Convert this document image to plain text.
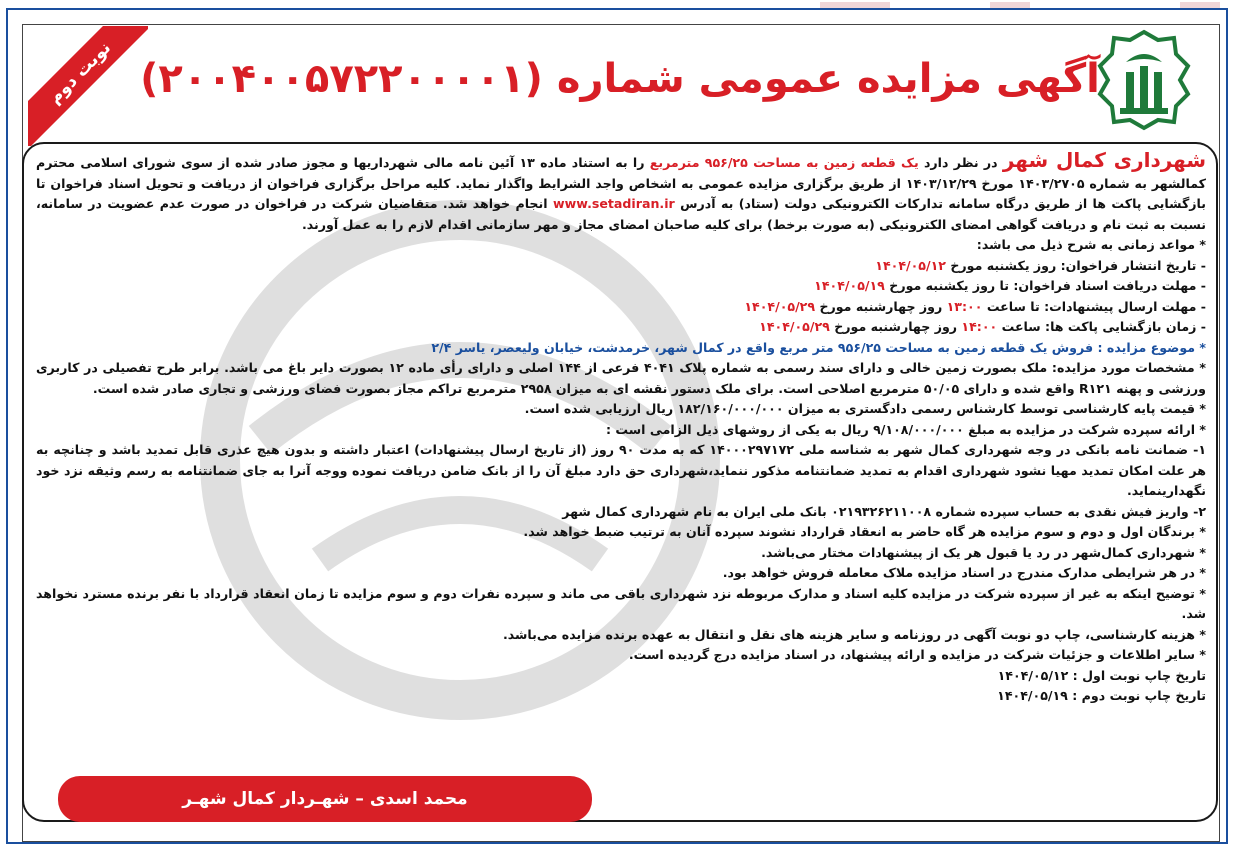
نوبت دوم آگهی مزایده عمومی شماره (۲۰۰۴۰۰۵۷۲۲۰۰۰۰۱)

شهرداری کمال شهر در نظر دارد یک قطعه زمین به مساحت ۹۵۶/۲۵ مترمربع را به استناد ماده ۱۳ آئین نامه مالی شهرداریها و مجوز صادر شده از سوی شورای اسلامی محترم کمالشهر به شماره ۱۴۰۳/۲۷۰۵ مورخ ۱۴۰۳/۱۲/۲۹ از طریق برگزاری مزایده عمومی به اشخاص واجد الشرایط واگذار نماید. کلیه مراحل برگزاری فراخوان از دریافت و تحویل اسناد فراخوان تا بازگشایی پاکت ها از طریق درگاه سامانه تدارکات الکترونیکی دولت (ستاد) به آدرس www.setadiran.ir انجام خواهد شد. متقاضیان شرکت در فراخوان در صورت عدم عضویت در سامانه، نسبت به ثبت نام و دریافت گواهی امضای الکترونیکی (به صورت برخط) برای کلیه صاحبان امضای مجاز و مهر سازمانی اقدام لازم را به عمل آورند.

* مواعد زمانی به شرح ذیل می باشد:

- تاریخ انتشار فراخوان: روز یکشنبه مورخ ۱۴۰۴/۰۵/۱۲

- مهلت دریافت اسناد فراخوان: تا روز یکشنبه مورخ ۱۴۰۴/۰۵/۱۹

- مهلت ارسال پیشنهادات: تا ساعت ۱۳:۰۰ روز چهارشنبه مورخ ۱۴۰۴/۰۵/۲۹

- زمان بازگشایی پاکت ها: ساعت ۱۴:۰۰ روز چهارشنبه مورخ ۱۴۰۴/۰۵/۲۹

* موضوع مزایده : فروش یک قطعه زمین به مساحت ۹۵۶/۲۵ متر مربع واقع در کمال شهر، خرمدشت، خیابان ولیعصر، یاسر ۲/۴

* مشخصات مورد مزایده: ملک بصورت زمین خالی و دارای سند رسمی به شماره پلاک ۴۰۴۱ فرعی از ۱۴۴ اصلی و دارای رأی ماده ۱۲ بصورت دایر باغ می باشد. برابر طرح تفصیلی در کاربری ورزشی و پهنه R۱۲۱ واقع شده و دارای ۵۰/۰۵ مترمربع اصلاحی است. برای ملک دستور نقشه ای به میزان ۲۹۵۸ مترمربع تراکم مجاز بصورت فضای ورزشی و تجاری صادر شده است.

* قیمت پایه کارشناسی توسط کارشناس رسمی دادگستری به میزان ۱۸۲/۱۶۰/۰۰۰/۰۰۰ ریال ارزیابی شده است.

* ارائه سپرده شرکت در مزایده به مبلغ ۹/۱۰۸/۰۰۰/۰۰۰ ریال به یکی از روشهای ذیل الزامی است :

۱- ضمانت نامه بانکی در وجه شهرداری کمال شهر به شناسه ملی ۱۴۰۰۰۲۹۷۱۷۲ که به مدت ۹۰ روز (از تاریخ ارسال پیشنهادات) اعتبار داشته و بدون هیچ عذری قابل تمدید باشد و چنانچه به هر علت امکان تمدید مهیا نشود شهرداری اقدام به تمدید ضمانتنامه مذکور ننماید،شهرداری حق دارد مبلغ آن را از بانک ضامن دریافت نموده ووجه آنرا به جای ضمانتنامه به رسم وثیقه نزد خود نگهدارینماید.

۲- واریز فیش نقدی به حساب سپرده شماره ۰۲۱۹۳۲۶۲۱۱۰۰۸ بانک ملی ایران به نام شهرداری کمال شهر

* برندگان اول و دوم و سوم مزایده هر گاه حاضر به انعقاد قرارداد نشوند سپرده آنان به ترتیب ضبط خواهد شد.

* شهرداری کمال‌شهر در رد یا قبول هر یک از پیشنهادات مختار می‌باشد.

* در هر شرایطی مدارک مندرج در اسناد مزایده ملاک معامله فروش خواهد بود.

* توضیح اینکه به غیر از سپرده شرکت در مزایده کلیه اسناد و مدارک مربوطه نزد شهرداری باقی می ماند و سپرده نفرات دوم و سوم مزایده تا زمان انعقاد قرارداد با نفر برنده مسترد نخواهد شد.

* هزینه کارشناسی، چاپ دو نوبت آگهی در روزنامه و سایر هزینه های نقل و انتقال به عهده برنده مزایده می‌باشد.

* سایر اطلاعات و جزئیات شرکت در مزایده و ارائه پیشنهاد، در اسناد مزایده درج گردیده است.

تاریخ چاپ نوبت اول : ۱۴۰۴/۰۵/۱۲

تاریخ چاپ نوبت دوم : ۱۴۰۴/۰۵/۱۹

محمد اسدی – شهـردار کمال شهـر
